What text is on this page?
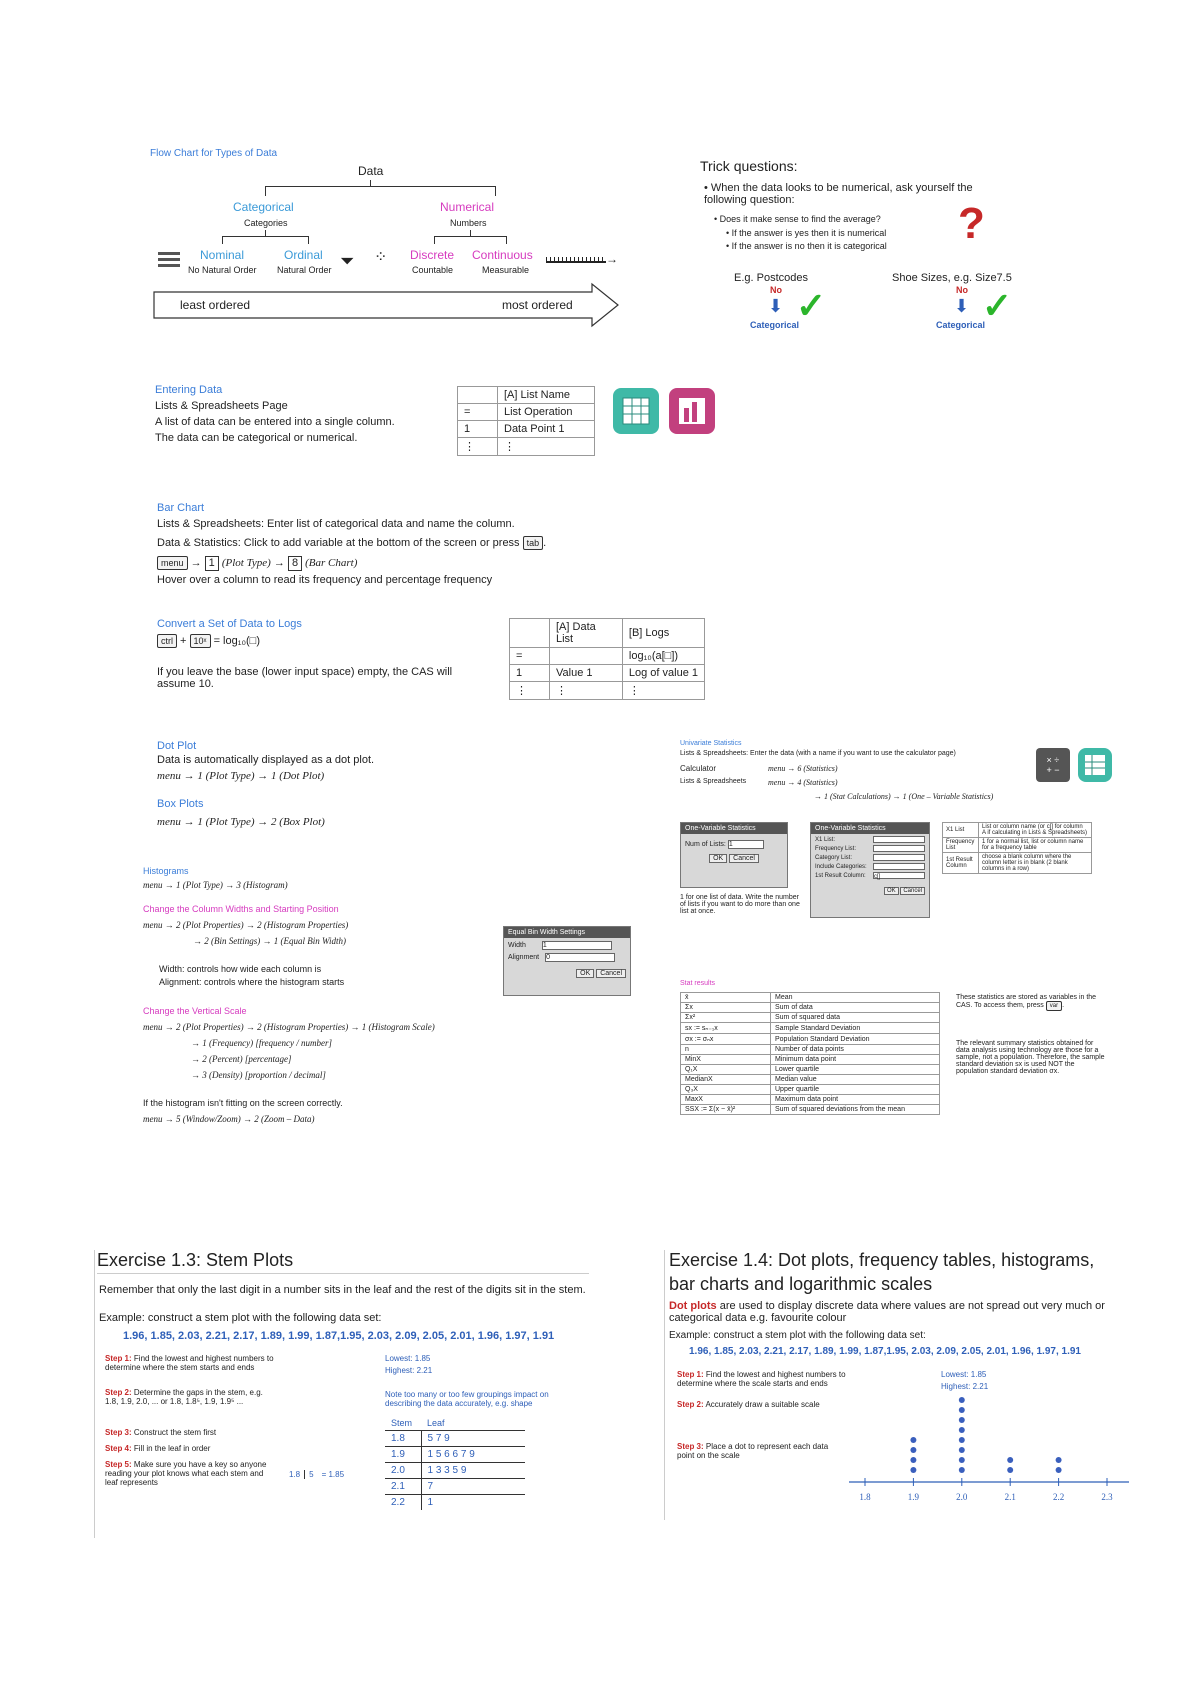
Flow Chart for Types of Data
Data
Categorical
Categories
Numerical
Numbers
Nominal
No Natural Order
Ordinal
Natural Order ⏷ ⁘ Discrete
Countable
Continuous
Measurable
→
least ordered	most ordered
Trick questions:
• When the data looks to be numerical, ask yourself the following question:
• Does it make sense to find the average?
• If the answer is yes then it is numerical
• If the answer is no then it is categorical ?
E.g. Postcodes	Shoe Sizes, e.g. Size7.5
No	No
⬇	⬇
Categorical	Categorical
✓	✓
Entering Data
Lists & Spreadsheets Page
A list of data can be entered into a single column.
The data can be categorical or numerical.
	[A] List Name
=	List Operation
1	Data Point 1
⋮	⋮
Bar Chart
Lists & Spreadsheets: Enter list of categorical data and name the column.
Data & Statistics: Click to add variable at the bottom of the screen or press tab .
menu → 1 (Plot Type) → 8 (Bar Chart)
Hover over a column to read its frequency and percentage frequency
Convert a Set of Data to Logs
ctrl + 10ˣ = log₁₀(□)
If you leave the base (lower input space) empty, the CAS will assume 10.
	[A] Data List	[B] Logs
=		log₁₀(a[□])
1	Value 1	Log of value 1
⋮	⋮	⋮
Dot Plot
Data is automatically displayed as a dot plot.
menu → 1 (Plot Type) → 1 (Dot Plot)
Box Plots
menu → 1 (Plot Type) → 2 (Box Plot)
Histograms
menu → 1 (Plot Type) → 3 (Histogram)
Change the Column Widths and Starting Position
menu → 2 (Plot Properties) → 2 (Histogram Properties)
→ 2 (Bin Settings) → 1 (Equal Bin Width)
Width: controls how wide each column is
Alignment: controls where the histogram starts
Equal Bin Width Settings
Width 1
Alignment 0
OK Cancel
Change the Vertical Scale
menu → 2 (Plot Properties) → 2 (Histogram Properties) → 1 (Histogram Scale)
→ 1 (Frequency) [frequency / number]
→ 2 (Percent) [percentage]
→ 3 (Density) [proportion / decimal]
If the histogram isn't fitting on the screen correctly.
menu → 5 (Window/Zoom) → 2 (Zoom – Data)
Univariate Statistics
Lists & Spreadsheets: Enter the data (with a name if you want to use the calculator page)
Calculator	menu → 6 (Statistics)
Lists & Spreadsheets	menu → 4 (Statistics)
→ 1 (Stat Calculations) → 1 (One – Variable Statistics)
× ÷
+ −
One-Variable Statistics
Num of Lists: 1
OK Cancel
One-Variable Statistics
X1 List:
Frequency List:
Category List:
Include Categories:
1st Result Column: c[]
OK Cancel
1 for one list of data. Write the number of lists if you want to do more than one list at once.
X1 List	List or column name (or c[] for column A if calculating in Lists & Spreadsheets)
Frequency List	1 for a normal list, list or column name for a frequency table
1st Result Column	choose a blank column where the column letter is in blank (2 blank columns in a row)
Stat results
x̄	Mean
Σx	Sum of data
Σx²	Sum of squared data
sx := sₙ₋₁x	Sample Standard Deviation
σx := σₙx	Population Standard Deviation
n	Number of data points
MinX	Minimum data point
Q₁X	Lower quartile
MedianX	Median value
Q₃X	Upper quartile
MaxX	Maximum data point
SSX := Σ(x − x̄)²	Sum of squared deviations from the mean
These statistics are stored as variables in the CAS. To access them, press var .
The relevant summary statistics obtained for data analysis using technology are those for a sample, not a population. Therefore, the sample standard deviation sx is used NOT the population standard deviation σx.
Exercise 1.3: Stem Plots
Remember that only the last digit in a number sits in the leaf and the rest of the digits sit in the stem.
Example: construct a stem plot with the following data set:
1.96, 1.85, 2.03, 2.21, 2.17, 1.89, 1.99, 1.87,1.95, 2.03, 2.09, 2.05, 2.01, 1.96, 1.97, 1.91
Step 1: Find the lowest and highest numbers to determine where the stem starts and ends
Step 2: Determine the gaps in the stem, e.g. 1.8, 1.9, 2.0, ... or 1.8, 1.8⁵, 1.9, 1.9⁵ ...
Step 3: Construct the stem first
Step 4: Fill in the leaf in order
Step 5: Make sure you have a key so anyone reading your plot knows what each stem and leaf represents
1.8	5	= 1.85
Lowest: 1.85
Highest: 2.21
Note too many or too few groupings impact on describing the data accurately, e.g. shape
Stem	Leaf
1.8	5 7 9
1.9	1 5 6 6 7 9
2.0	1 3 3 5 9
2.1	7
2.2	1
Exercise 1.4: Dot plots, frequency tables, histograms,
bar charts and logarithmic scales
Dot plots are used to display discrete data where values are not spread out very much or categorical data e.g. favourite colour
Example: construct a stem plot with the following data set:
1.96, 1.85, 2.03, 2.21, 2.17, 1.89, 1.99, 1.87,1.95, 2.03, 2.09, 2.05, 2.01, 1.96, 1.97, 1.91
Step 1: Find the lowest and highest numbers to determine where the scale starts and ends
Step 2: Accurately draw a suitable scale
Step 3: Place a dot to represent each data point on the scale
Lowest: 1.85
Highest: 2.21
1.8	1.9	2.0	2.1	2.2	2.3
